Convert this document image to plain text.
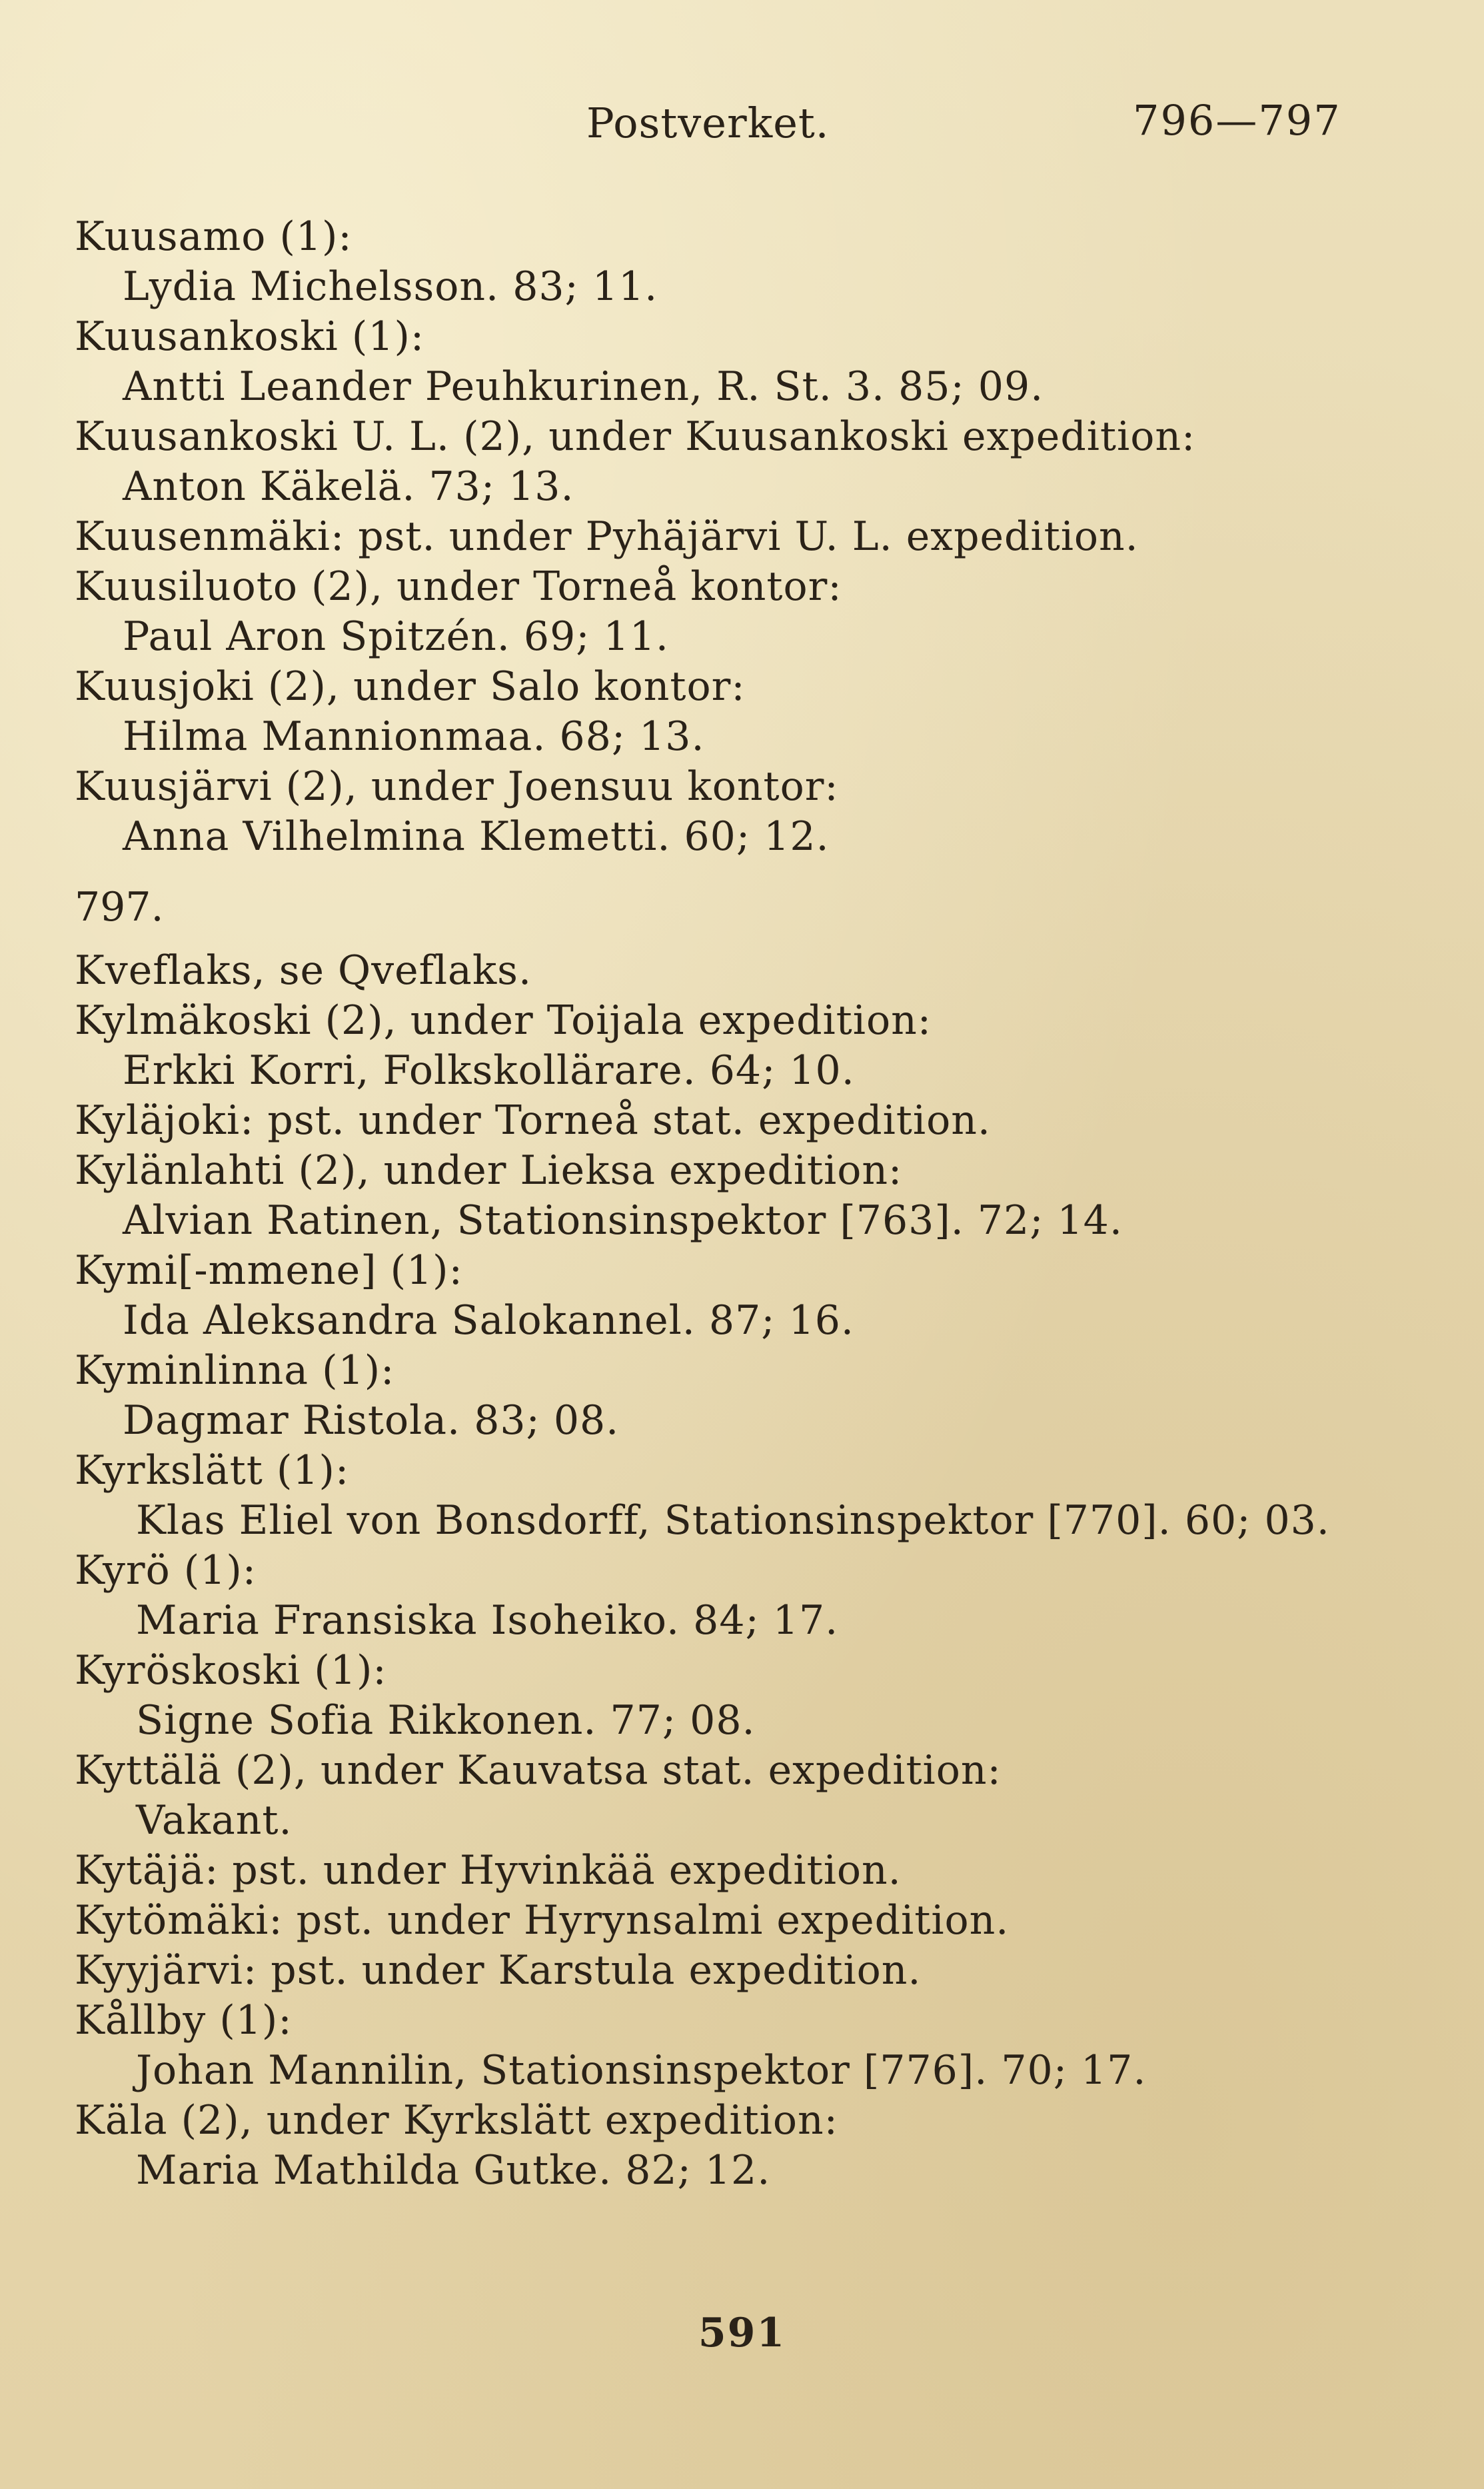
Postverket.	796—797
Kuusamo (1):
Lydia Michelsson. 83; 11.
Kuusankoski (1):
Antti Leander Peuhkurinen, R. St. 3. 85; 09.
Kuusankoski U. L. (2), under Kuusankoski expedition:
Anton Käkelä. 73; 13.
Kuusenmäki: pst. under Pyhäjärvi U. L. expedition.
Kuusiluoto (2), under Torneå kontor:
Paul Aron Spitzén. 69; 11.
Kuusjoki (2), under Salo kontor:
Hilma Mannionmaa. 68; 13.
Kuusjärvi (2), under Joensuu kontor:
Anna Vilhelmina Klemetti. 60; 12.
797.
Kveflaks, se Qveflaks.
Kylmäkoski (2), under Toijala expedition:
Erkki Korri, Folkskollärare. 64; 10.
Kyläjoki: pst. under Torneå stat. expedition.
Kylänlahti (2), under Lieksa expedition:
Alvian Ratinen, Stationsinspektor [763]. 72; 14.
Kymi[-mmene] (1):
Ida Aleksandra Salokannel. 87; 16.
Kyminlinna (1):
Dagmar Ristola. 83; 08.
Kyrkslätt (1):
Klas Eliel von Bonsdorff, Stationsinspektor [770]. 60; 03.
Kyrö (1):
Maria Fransiska Isoheiko. 84; 17.
Kyröskoski (1):
Signe Sofia Rikkonen. 77; 08.
Kyttälä (2), under Kauvatsa stat. expedition:
Vakant.
Kytäjä: pst. under Hyvinkää expedition.
Kytömäki: pst. under Hyrynsalmi expedition.
Kyyjärvi: pst. under Karstula expedition.
Kållby (1):
Johan Mannilin, Stationsinspektor [776]. 70; 17.
Käla (2), under Kyrkslätt expedition:
Maria Mathilda Gutke. 82; 12.
591
